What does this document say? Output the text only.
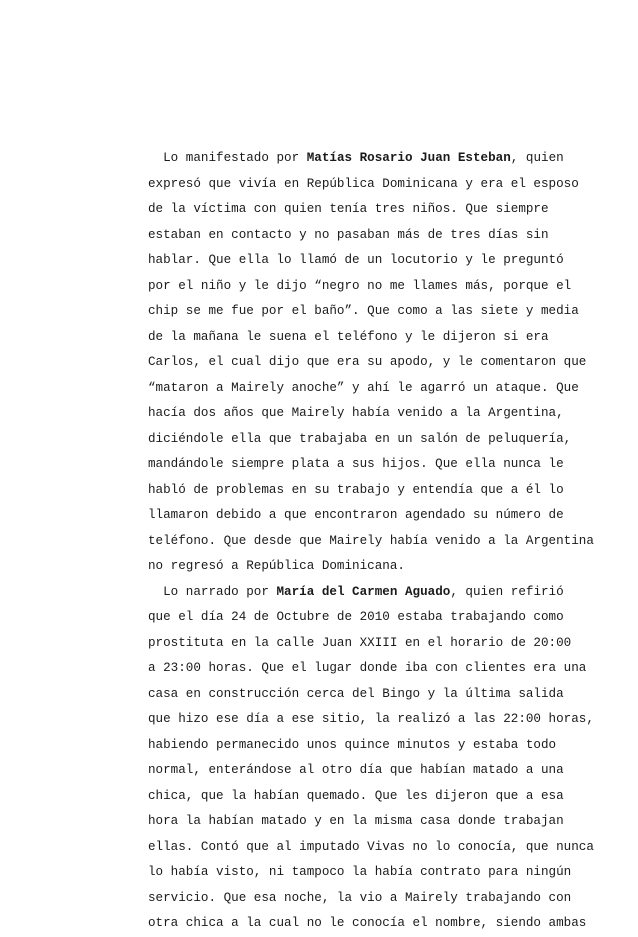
Lo manifestado por Matías Rosario Juan Esteban, quien
expresó que vivía en República Dominicana y era el esposo
de la víctima con quien tenía tres niños. Que siempre
estaban en contacto y no pasaban más de tres días sin
hablar. Que ella lo llamó de un locutorio y le preguntó
por el niño y le dijo “negro no me llames más, porque el
chip se me fue por el baño”. Que como a las siete y media
de la mañana le suena el teléfono y le dijeron si era
Carlos, el cual dijo que era su apodo, y le comentaron que
“mataron a Mairely anoche” y ahí le agarró un ataque. Que
hacía dos años que Mairely había venido a la Argentina,
diciéndole ella que trabajaba en un salón de peluquería,
mandándole siempre plata a sus hijos. Que ella nunca le
habló de problemas en su trabajo y entendía que a él lo
llamaron debido a que encontraron agendado su número de
teléfono. Que desde que Mairely había venido a la Argentina
no regresó a República Dominicana.
Lo narrado por María del Carmen Aguado, quien refirió
que el día 24 de Octubre de 2010 estaba trabajando como
prostituta en la calle Juan XXIII en el horario de 20:00
a 23:00 horas. Que el lugar donde iba con clientes era una
casa en construcción cerca del Bingo y la última salida
que hizo ese día a ese sitio, la realizó a las 22:00 horas,
habiendo permanecido unos quince minutos y estaba todo
normal, enterándose al otro día que habían matado a una
chica, que la habían quemado. Que les dijeron que a esa
hora la habían matado y en la misma casa donde trabajan
ellas. Contó que al imputado Vivas no lo conocía, que nunca
lo había visto, ni tampoco la había contrato para ningún
servicio. Que esa noche, la vio a Mairely trabajando con
otra chica a la cual no le conocía el nombre, siendo ambas
